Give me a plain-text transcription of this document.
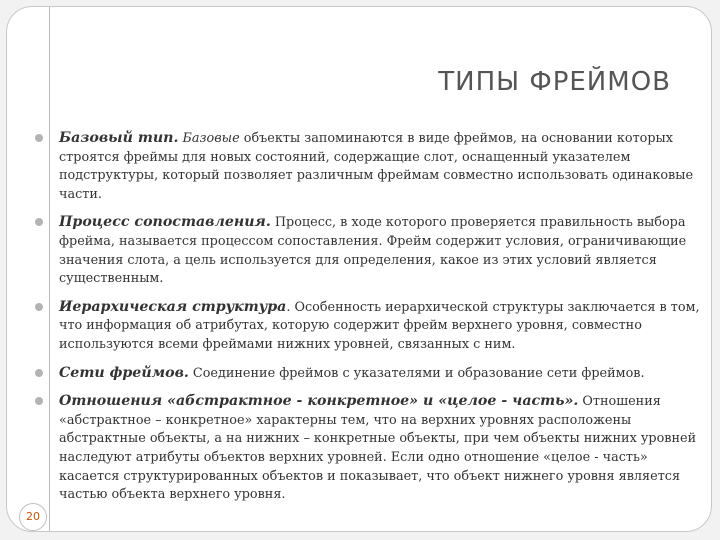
ТИПЫ ФРЕЙМОВ
Базовый тип. Базовые объекты запоминаются в виде фреймов, на основании которых строятся фреймы для новых состояний, содержащие слот, оснащенный указателем подструктуры, который позволяет различным фреймам совместно использовать одинаковые части.
Процесс сопоставления. Процесс, в ходе которого проверяется правильность выбора фрейма, называется процессом сопоставления. Фрейм содержит условия, ограничивающие значения слота, а цель используется для определения, какое из этих условий является существенным.
Иерархическая структура. Особенность иерархической структуры заключается в том, что информация об атрибутах, которую содержит фрейм верхнего уровня, совместно используются всеми фреймами нижних уровней, связанных с ним.
Сети фреймов. Соединение фреймов с указателями и образование сети фреймов.
Отношения «абстрактное - конкретное» и «целое - часть». Отношения «абстрактное – конкретное» характерны тем, что на верхних уровнях расположены абстрактные объекты, а на нижних – конкретные объекты, при чем объекты нижних уровней наследуют атрибуты объектов верхних уровней. Если одно отношение «целое - часть» касается структурированных объектов и показывает, что объект нижнего уровня является частью объекта верхнего уровня.
20
